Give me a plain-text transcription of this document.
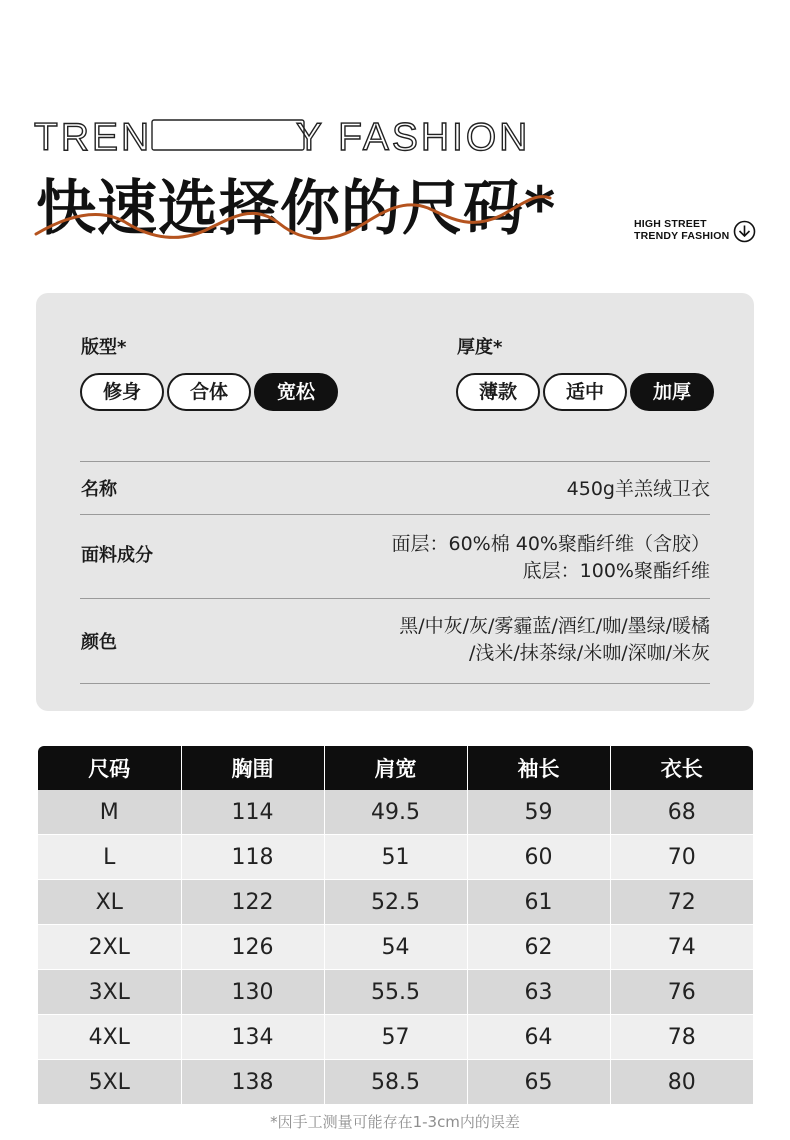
TREN	Y FASHION
快速选择你的尺码*	HIGH STREET
TRENDY FASHION
版型*
修身	合体	宽松
厚度*
薄款	适中	加厚
名称	450g羊羔绒卫衣
面料成分
面层：60%棉 40%聚酯纤维（含胶）
底层：100%聚酯纤维
颜色
黑/中灰/灰/雾霾蓝/酒红/咖/墨绿/暖橘
/浅米/抹茶绿/米咖/深咖/米灰
尺码	胸围	肩宽	袖长	衣长
M	114	49.5	59	68
L	118	51	60	70
XL	122	52.5	61	72
2XL	126	54	62	74
3XL	130	55.5	63	76
4XL	134	57	64	78
5XL	138	58.5	65	80
*因手工测量可能存在1-3cm内的误差
